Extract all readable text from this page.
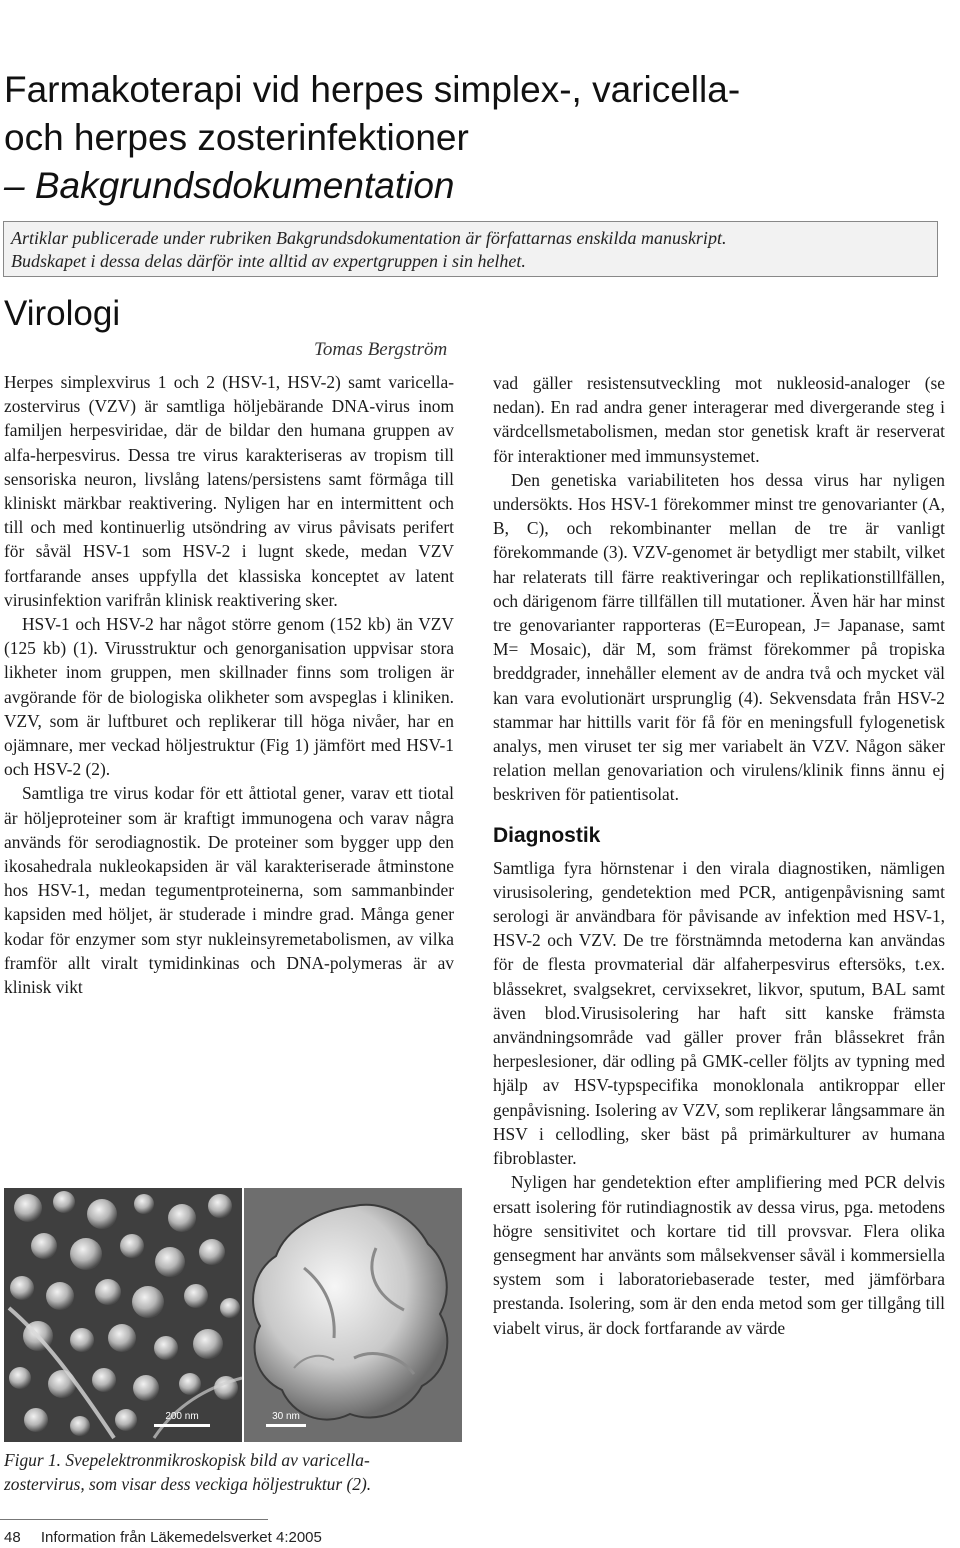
Farmakoterapi vid herpes simplex-, varicella-
och herpes zosterinfektioner
– Bakgrundsdokumentation
Artiklar publicerade under rubriken Bakgrundsdokumentation är författarnas enskilda manuskript.
Budskapet i dessa delas därför inte alltid av expertgruppen i sin helhet.
Virologi
Tomas Bergström

Herpes simplexvirus 1 och 2 (HSV-1, HSV-2) samt varicella-zostervirus (VZV) är samtliga höljebärande DNA-virus inom familjen herpesviridae, där de bildar den humana gruppen av alfa-herpesvirus. Dessa tre virus karakteriseras av tropism till sensoriska neuron, livslång latens/persistens samt förmåga till kliniskt märkbar reaktivering. Nyligen har en intermittent och till och med kontinuerlig utsöndring av virus påvisats perifert för såväl HSV-1 som HSV-2 i lugnt skede, medan VZV fortfarande anses uppfylla det klassiska konceptet av latent virusinfektion varifrån klinisk reaktivering sker.

HSV-1 och HSV-2 har något större genom (152 kb) än VZV (125 kb) (1). Virusstruktur och genorganisation uppvisar stora likheter inom gruppen, men skillnader finns som troligen är avgörande för de biologiska olikheter som avspeglas i kliniken. VZV, som är luftburet och replikerar till höga nivåer, har en ojämnare, mer veckad höljestruktur (Fig 1) jämfört med HSV-1 och HSV-2 (2).

Samtliga tre virus kodar för ett åttiotal gener, varav ett tiotal är höljeproteiner som är kraftigt immunogena och varav några används för serodiagnostik. De proteiner som bygger upp den ikosahedrala nukleokapsiden är väl karakteriserade åtminstone hos HSV-1, medan tegumentproteinerna, som sammanbinder kapsiden med höljet, är studerade i mindre grad. Många gener kodar för enzymer som styr nukleinsyremetabolismen, av vilka framför allt viralt tymidinkinas och DNA-polymeras är av klinisk vikt

vad gäller resistensutveckling mot nukleosid-analoger (se nedan). En rad andra gener interagerar med divergerande steg i värdcellsmetabolismen, medan stor genetisk kraft är reserverat för interaktioner med immunsystemet.

Den genetiska variabiliteten hos dessa virus har nyligen undersökts. Hos HSV-1 förekommer minst tre genovarianter (A, B, C), och rekombinanter mellan de tre är vanligt förekommande (3). VZV-genomet är betydligt mer stabilt, vilket har relaterats till färre reaktiveringar och replikationstillfällen, och därigenom färre tillfällen till mutationer. Även här har minst tre genovarianter rapporteras (E=European, J= Japanase, samt M= Mosaic), där M, som främst förekommer på tropiska breddgrader, innehåller element av de andra två och mycket väl kan vara evolutionärt ursprunglig (4). Sekvensdata från HSV-2 stammar har hittills varit för få för en meningsfull fylogenetisk analys, men viruset ter sig mer variabelt än VZV. Någon säker relation mellan genovariation och virulens/klinik finns ännu ej beskriven för patientisolat.

Diagnostik

Samtliga fyra hörnstenar i den virala diagnostiken, nämligen virusisolering, gendetektion med PCR, antigenpåvisning samt serologi är användbara för påvisande av infektion med HSV-1, HSV-2 och VZV. De tre förstnämnda metoderna kan användas för de flesta provmaterial där alfaherpesvirus eftersöks, t.ex. blåssekret, svalgsekret, cervixsekret, likvor, sputum, BAL samt även blod.Virusisolering har haft sitt kanske främsta användningsområde vad gäller prover från blåssekret från herpeslesioner, där odling på GMK-celler följts av typning med hjälp av HSV-typspecifika monoklonala antikroppar eller genpåvisning. Isolering av VZV, som replikerar långsammare än HSV i cellodling, sker bäst på primärkulturer av humana fibroblaster.

Nyligen har gendetektion efter amplifiering med PCR delvis ersatt isolering för rutindiagnostik av dessa virus, pga. metodens högre sensitivitet och kortare tid till provsvar. Flera olika gensegment har använts som målsekvenser såväl i kommersiella system som i laboratoriebaserade tester, med jämförbara prestanda. Isolering, som är den enda metod som ger tillgång till viabelt virus, är dock fortfarande av värde

200 nm	30 nm
Figur 1. Svepelektronmikroskopisk bild av varicella-
zostervirus, som visar dess veckiga höljestruktur (2).
48 Information från Läkemedelsverket 4:2005
